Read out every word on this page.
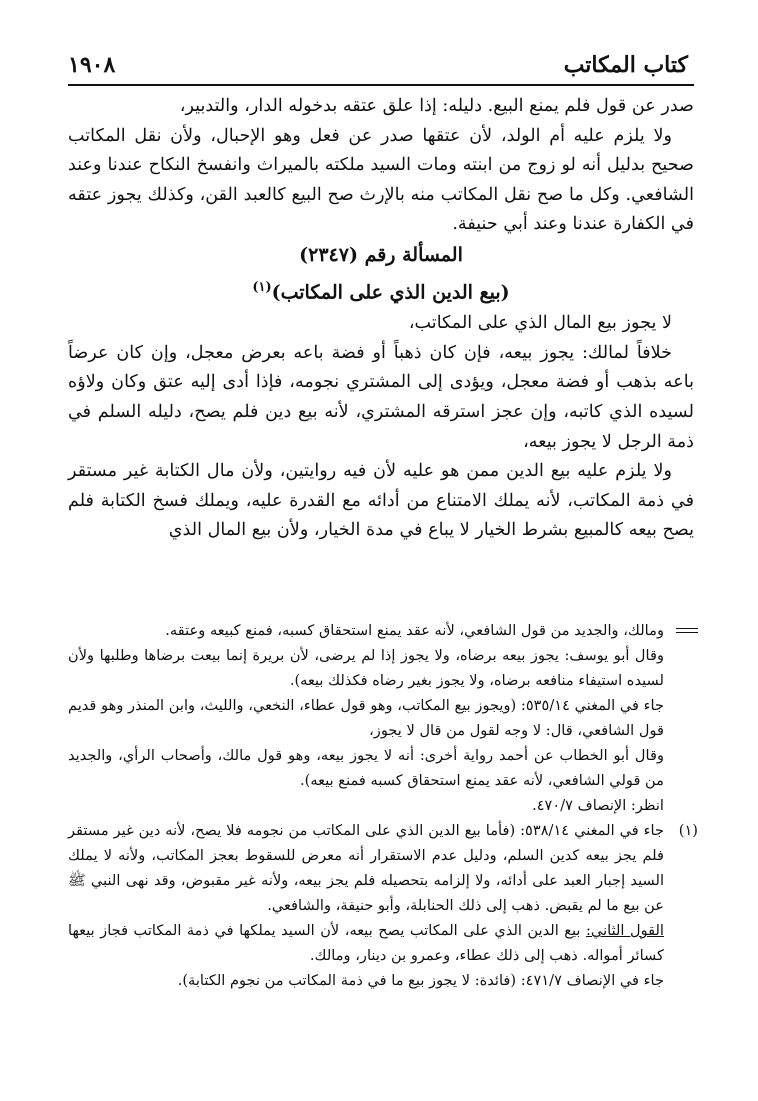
كتاب المكاتب
١٩٠٨

صدر عن قول فلم يمنع البيع. دليله: إذا علق عتقه بدخوله الدار، والتدبير،

ولا يلزم عليه أم الولد، لأن عتقها صدر عن فعل وهو الإحبال، ولأن نقل المكاتب صحيح بدليل أنه لو زوج من ابنته ومات السيد ملكته بالميراث وانفسخ النكاح عندنا وعند الشافعي. وكل ما صح نقل المكاتب منه بالإرث صح البيع كالعبد القن، وكذلك يجوز عتقه في الكفارة عندنا وعند أبي حنيفة.

المسألة رقم (٢٣٤٧)

(بيع الدين الذي على المكاتب)$^{(١)}$

لا يجوز بيع المال الذي على المكاتب،

خلافاً لمالك: يجوز بيعه، فإن كان ذهباً أو فضة باعه بعرض معجل، وإن كان عرضاً باعه بذهب أو فضة معجل، ويؤدى إلى المشتري نجومه، فإذا أدى إليه عتق وكان ولاؤه لسيده الذي كاتبه، وإن عجز استرقه المشتري، لأنه بيع دين فلم يصح، دليله السلم في ذمة الرجل لا يجوز بيعه،

ولا يلزم عليه بيع الدين ممن هو عليه لأن فيه روايتين، ولأن مال الكتابة غير مستقر في ذمة المكاتب، لأنه يملك الامتناع من أدائه مع القدرة عليه، ويملك فسخ الكتابة فلم يصح بيعه كالمبيع بشرط الخيار لا يباع في مدة الخيار، ولأن بيع المال الذي

ومالك، والجديد من قول الشافعي، لأنه عقد يمنع استحقاق كسبه، فمنع كبيعه وعتقه.

وقال أبو يوسف: يجوز بيعه برضاه، ولا يجوز إذا لم يرضى، لأن بريرة إنما بيعت برضاها وطلبها ولأن لسيده استيفاء منافعه برضاه، ولا يجوز بغير رضاه فكذلك بيعه).

جاء في المغني ٥٣٥/١٤: (ويجوز بيع المكاتب، وهو قول عطاء، النخعي، والليث، وابن المنذر وهو قديم قول الشافعي، قال: لا وجه لقول من قال لا يجوز،

وقال أبو الخطاب عن أحمد رواية أخرى: أنه لا يجوز بيعه، وهو قول مالك، وأصحاب الرأي، والجديد من قولي الشافعي، لأنه عقد يمنع استحقاق كسبه فمنع بيعه).

انظر: الإنصاف ٤٧٠/٧.

(١)
جاء في المغني ٥٣٨/١٤: (فأما بيع الدين الذي على المكاتب من نجومه فلا يصح، لأنه دين غير مستقر فلم يجز بيعه كدين السلم، ودليل عدم الاستقرار أنه معرض للسقوط بعجز المكاتب، ولأنه لا يملك السيد إجبار العبد على أدائه، ولا إلزامه بتحصيله فلم يجز بيعه، ولأنه غير مقبوض، وقد نهى النبي ﷺ عن بيع ما لم يقبض. ذهب إلى ذلك الحنابلة، وأبو حنيفة، والشافعي.

القول الثاني: بيع الدين الذي على المكاتب يصح بيعه، لأن السيد يملكها في ذمة المكاتب فجاز بيعها كسائر أمواله. ذهب إلى ذلك عطاء، وعمرو بن دينار، ومالك.

جاء في الإنصاف ٤٧١/٧: (فائدة: لا يجوز بيع ما في ذمة المكاتب من نجوم الكتابة).
